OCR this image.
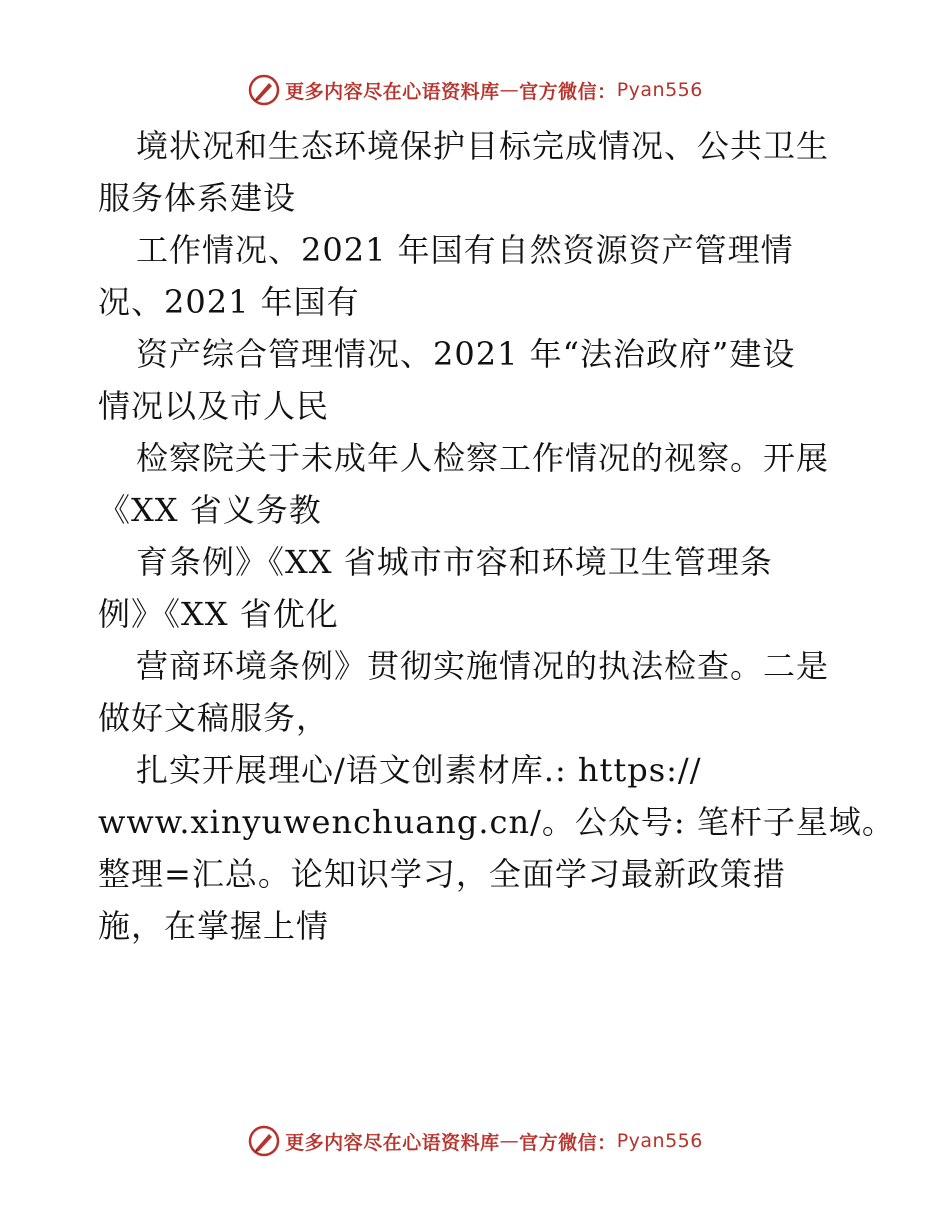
更多内容尽在心语资料库 — 官方微信： Pyan556
境状况和生态环境保护目标完成情况、公共卫生
服务体系建设
工作情况、2021 年国有自然资源资产管理情
况、2021 年国有
资产综合管理情况、2021 年“法治政府”建设
情况以及市人民
检察院关于未成年人检察工作情况的视察。开展
《XX 省义务教
育条例》《XX 省城市市容和环境卫生管理条
例》《XX 省优化
营商环境条例》贯彻实施情况的执法检查。二是
做好文稿服务，
扎实开展理心/语文创素材库.: https://
www.xinyuwenchuang.cn/。公众号: 笔杆子星域。
整理=汇总。论知识学习，全面学习最新政策措
施，在掌握上情
更多内容尽在心语资料库 — 官方微信： Pyan556
